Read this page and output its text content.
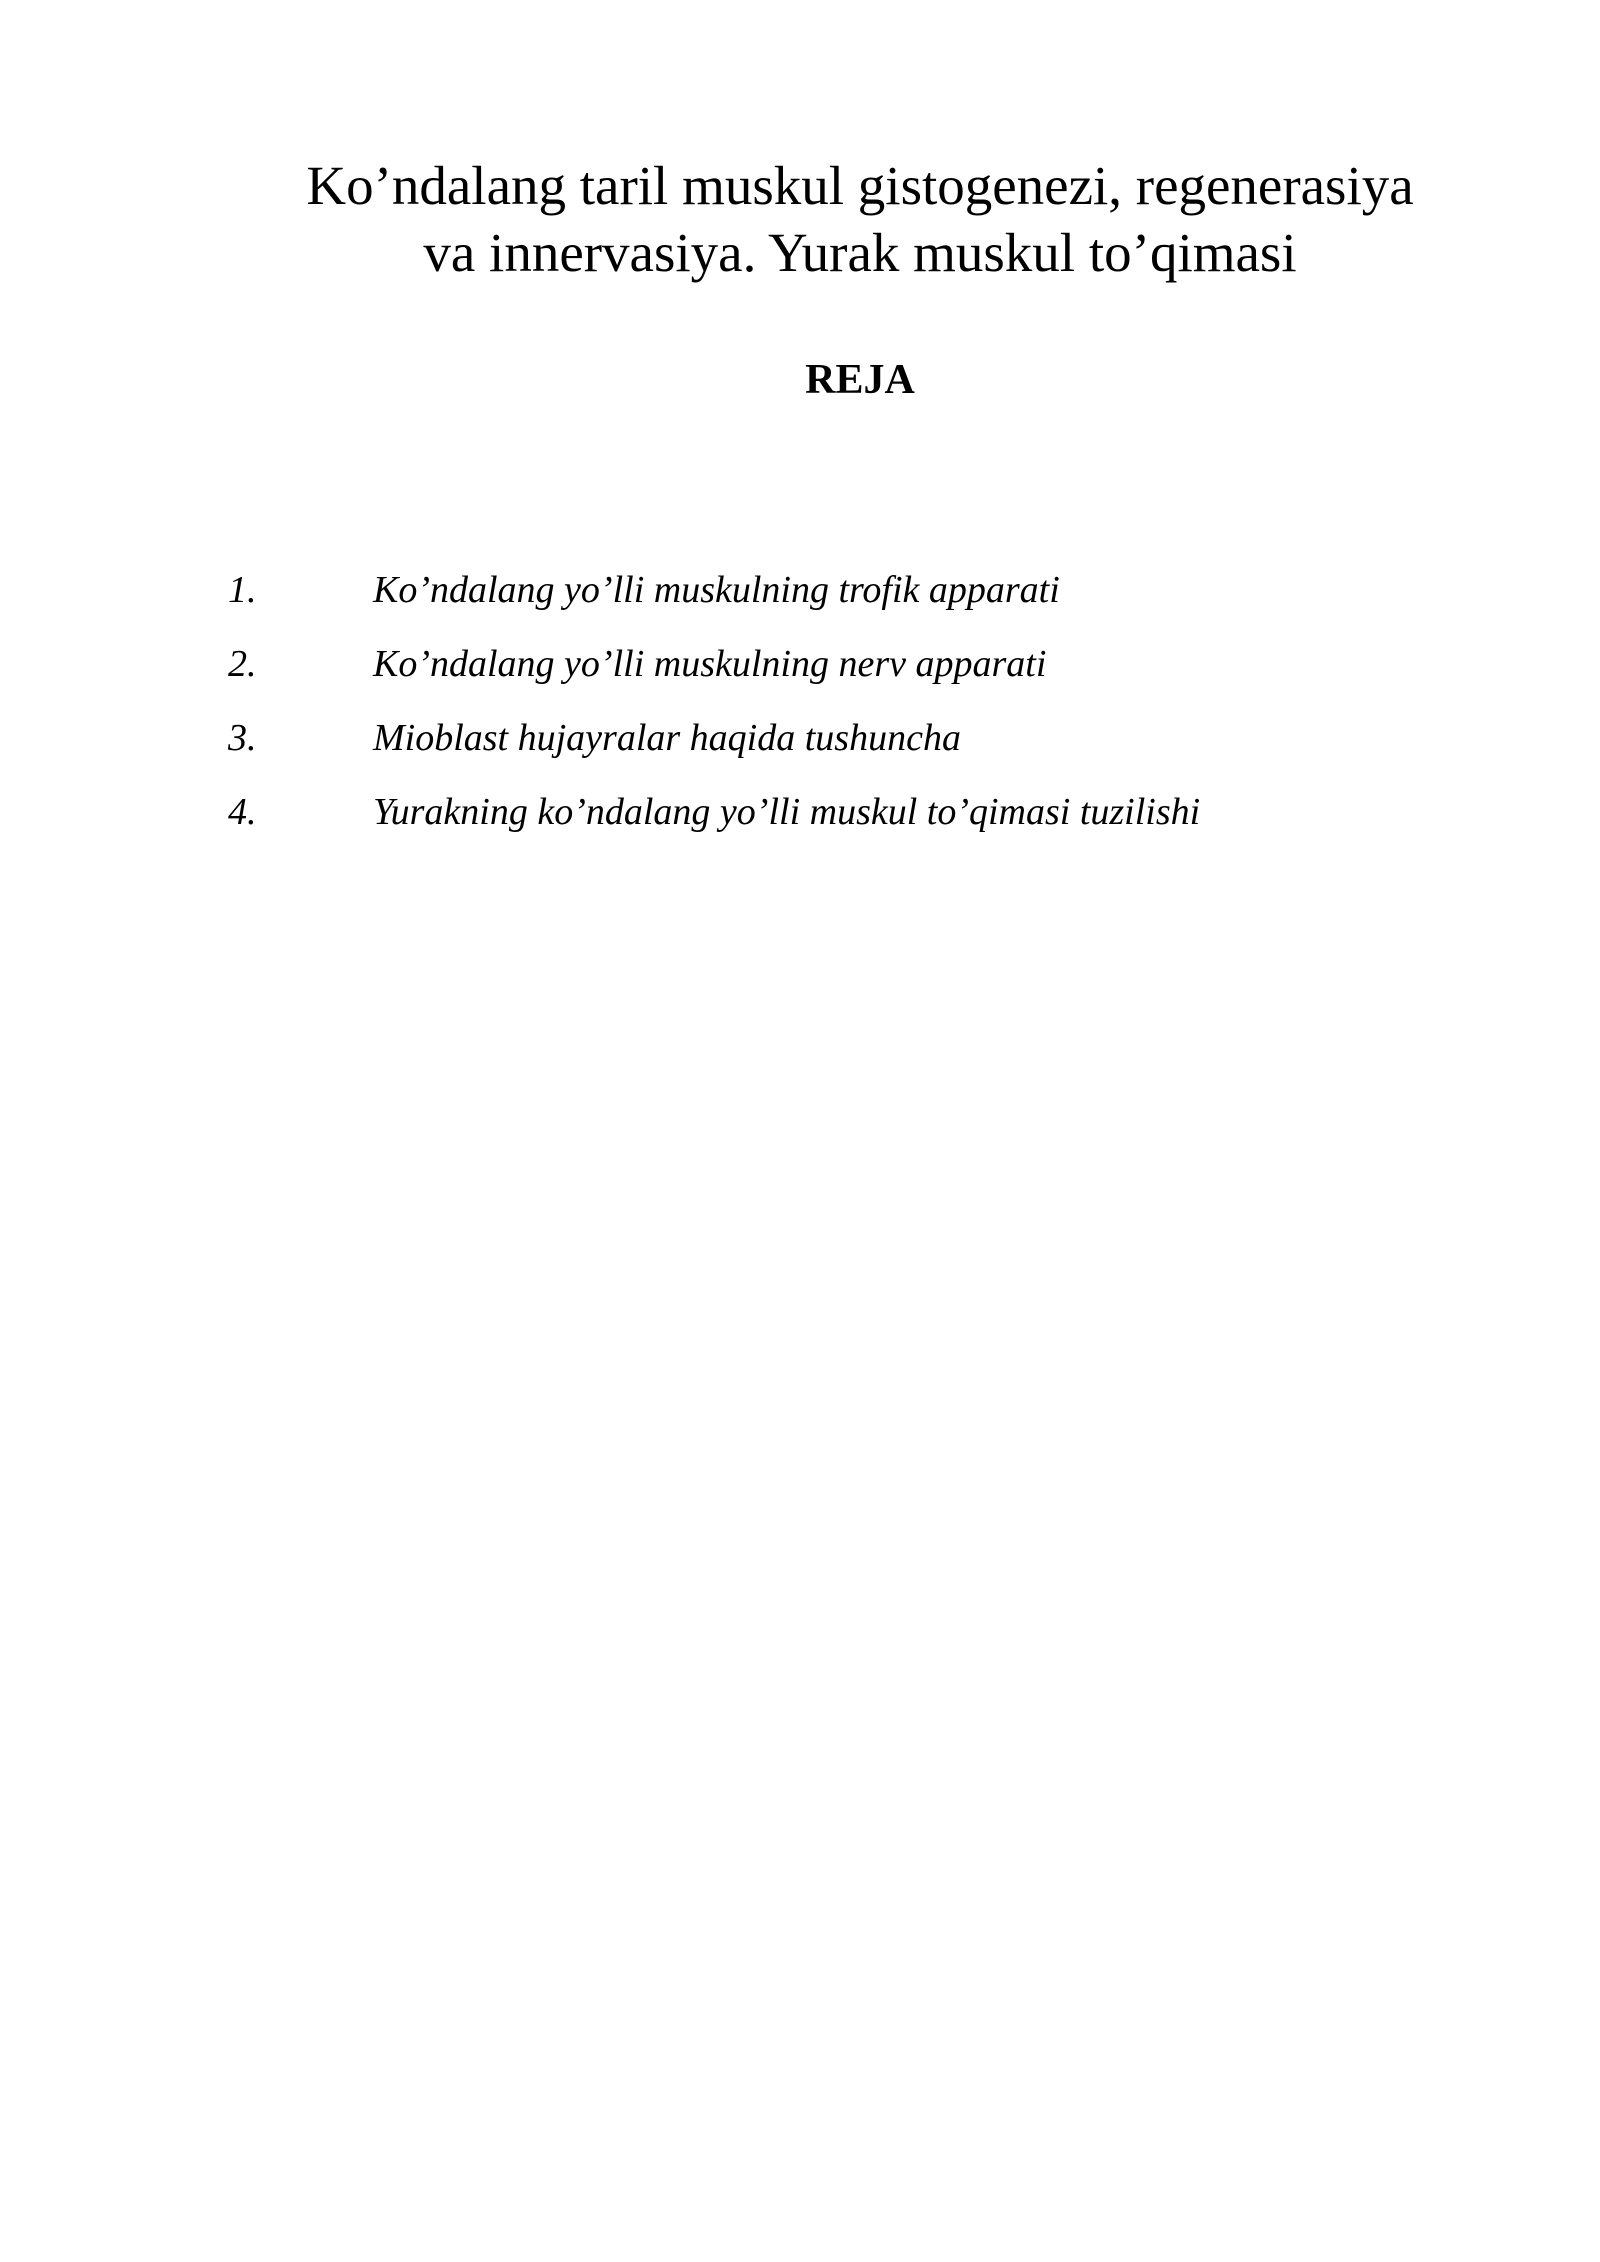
Ko’ndalang taril muskul gistogenezi, regenerasiya
va innervasiya. Yurak muskul to’qimasi
REJA
1.	Ko’ndalang yo’lli muskulning trofik apparati
2.	Ko’ndalang yo’lli muskulning nerv apparati
3.	Mioblast hujayralar haqida tushuncha
4.	Yurakning ko’ndalang yo’lli muskul to’qimasi tuzilishi
